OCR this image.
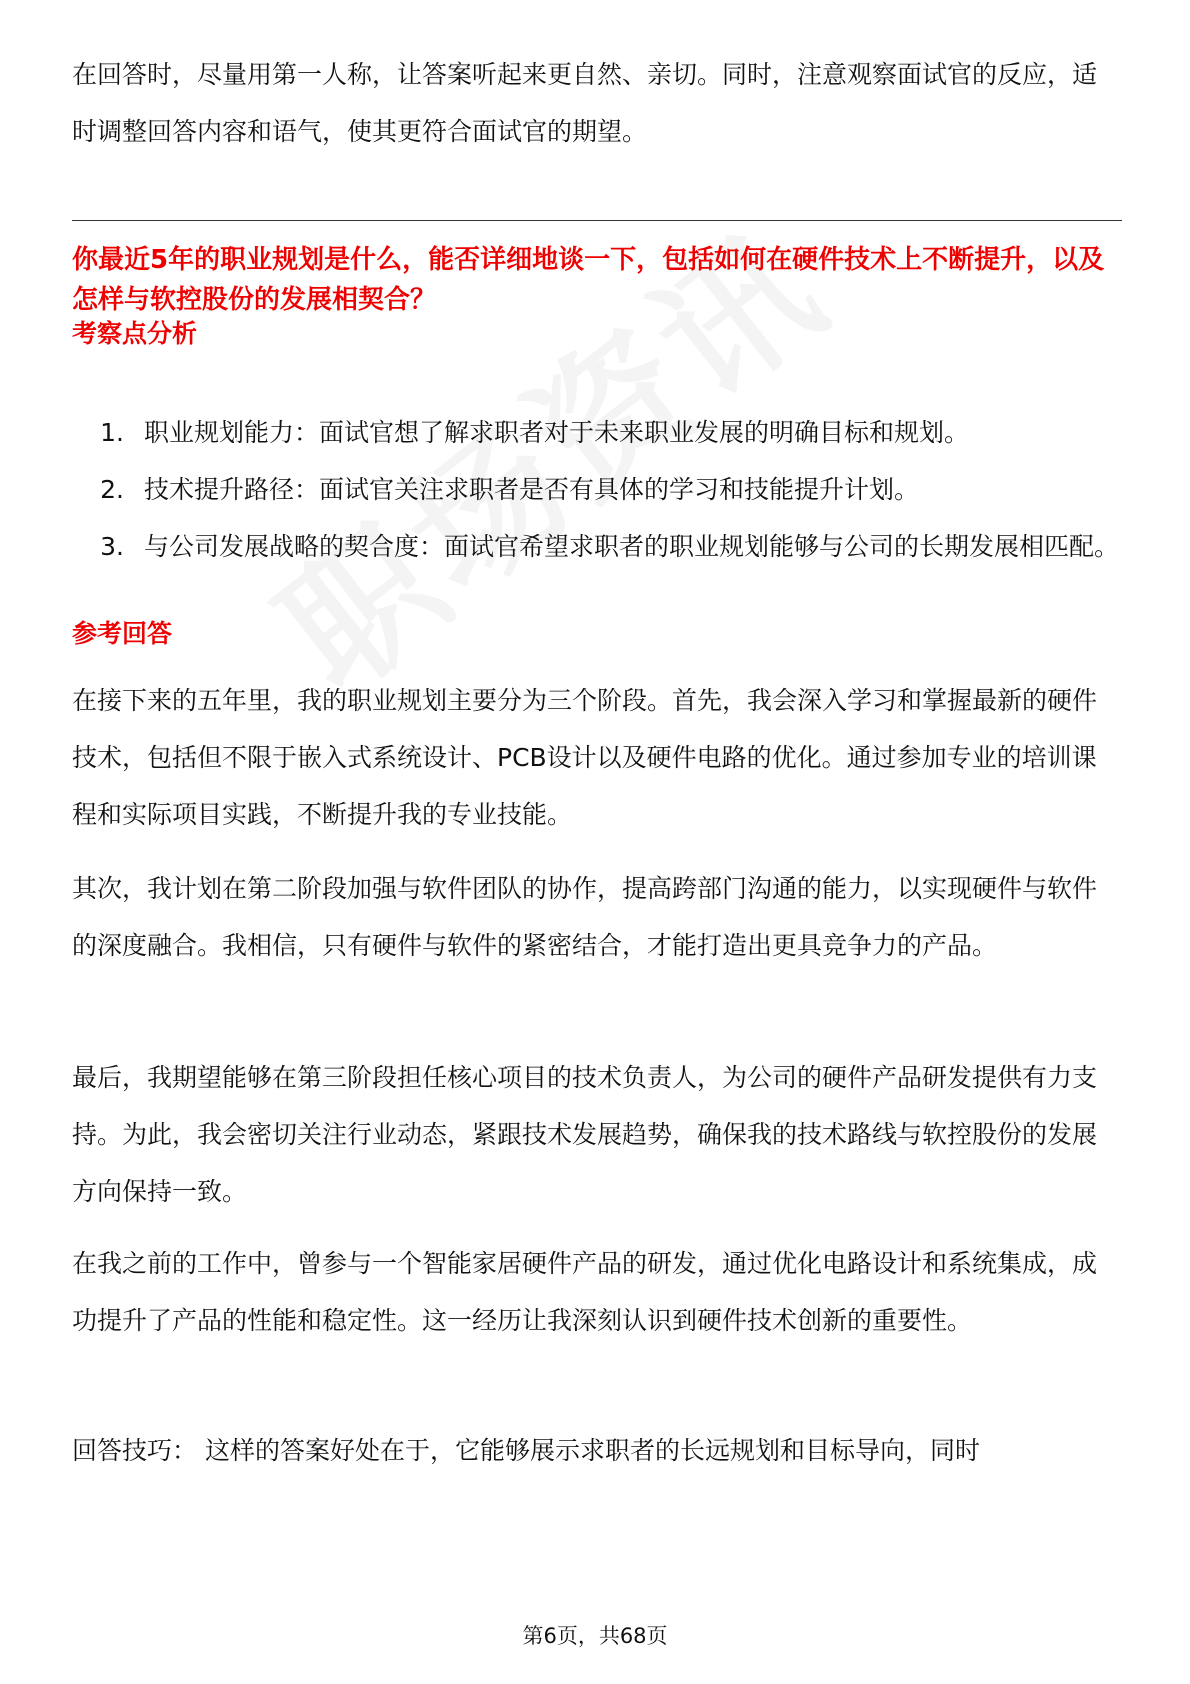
在回答时，尽量用第一人称，让答案听起来更自然、亲切。同时，注意观察面试官的反应，适时调整回答内容和语气，使其更符合面试官的期望。

你最近5年的职业规划是什么，能否详细地谈一下，包括如何在硬件技术上不断提升，以及怎样与软控股份的发展相契合？

考察点分析

1. 职业规划能力：面试官想了解求职者对于未来职业发展的明确目标和规划。
2. 技术提升路径：面试官关注求职者是否有具体的学习和技能提升计划。
3. 与公司发展战略的契合度：面试官希望求职者的职业规划能够与公司的长期发展相匹配。

参考回答

在接下来的五年里，我的职业规划主要分为三个阶段。首先，我会深入学习和掌握最新的硬件技术，包括但不限于嵌入式系统设计、PCB设计以及硬件电路的优化。通过参加专业的培训课程和实际项目实践，不断提升我的专业技能。

其次，我计划在第二阶段加强与软件团队的协作，提高跨部门沟通的能力，以实现硬件与软件的深度融合。我相信，只有硬件与软件的紧密结合，才能打造出更具竞争力的产品。

最后，我期望能够在第三阶段担任核心项目的技术负责人，为公司的硬件产品研发提供有力支持。为此，我会密切关注行业动态，紧跟技术发展趋势，确保我的技术路线与软控股份的发展方向保持一致。

在我之前的工作中，曾参与一个智能家居硬件产品的研发，通过优化电路设计和系统集成，成功提升了产品的性能和稳定性。这一经历让我深刻认识到硬件技术创新的重要性。

回答技巧： 这样的答案好处在于，它能够展示求职者的长远规划和目标导向，同时

第6页，共68页
